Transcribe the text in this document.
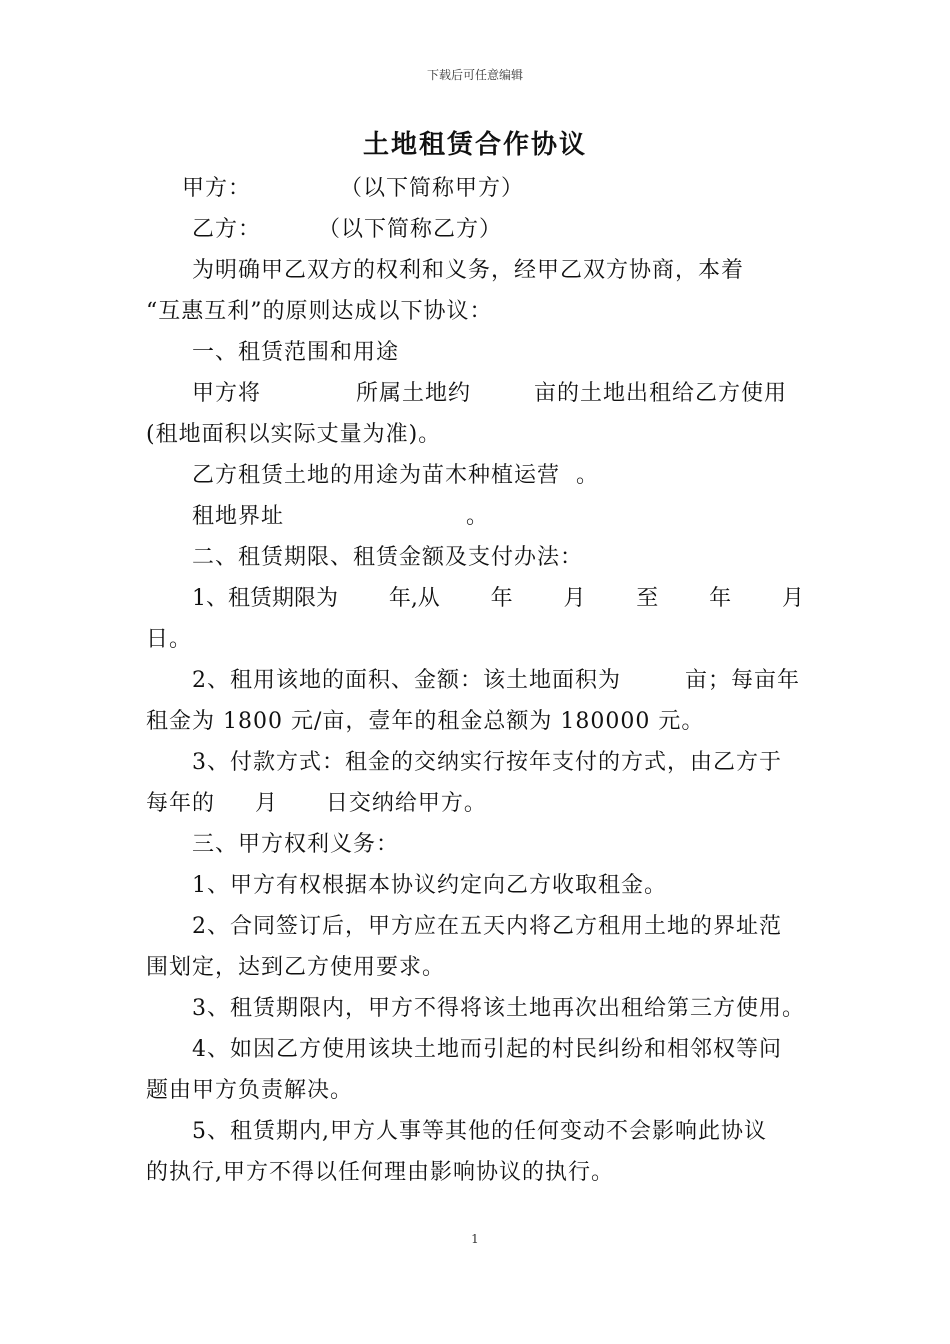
下载后可任意编辑
土地租赁合作协议
甲方：	（以下简称甲方）
乙方：	（以下简称乙方）
为明确甲乙双方的权利和义务，经甲乙双方协商，本着
“互惠互利”的原则达成以下协议：
一、租赁范围和用途
甲方将	所属土地约	亩的土地出租给乙方使用
(租地面积以实际丈量为准)。
乙方租赁土地的用途为苗木种植运营  。
租地界址	。
二、租赁期限、租赁金额及支付办法：
1、租赁期限为 年,从 年 月 至 年 月
日。
2、租用该地的面积、金额：该土地面积为        亩；每亩年
租金为 1800 元/亩，壹年的租金总额为 180000 元。
3、付款方式：租金的交纳实行按年支付的方式，由乙方于
每年的     月      日交纳给甲方。
三、甲方权利义务：
1、甲方有权根据本协议约定向乙方收取租金。
2、合同签订后，甲方应在五天内将乙方租用土地的界址范
围划定，达到乙方使用要求。
3、租赁期限内，甲方不得将该土地再次出租给第三方使用。
4、如因乙方使用该块土地而引起的村民纠纷和相邻权等问
题由甲方负责解决。
5、租赁期内,甲方人事等其他的任何变动不会影响此协议
的执行,甲方不得以任何理由影响协议的执行。
1
